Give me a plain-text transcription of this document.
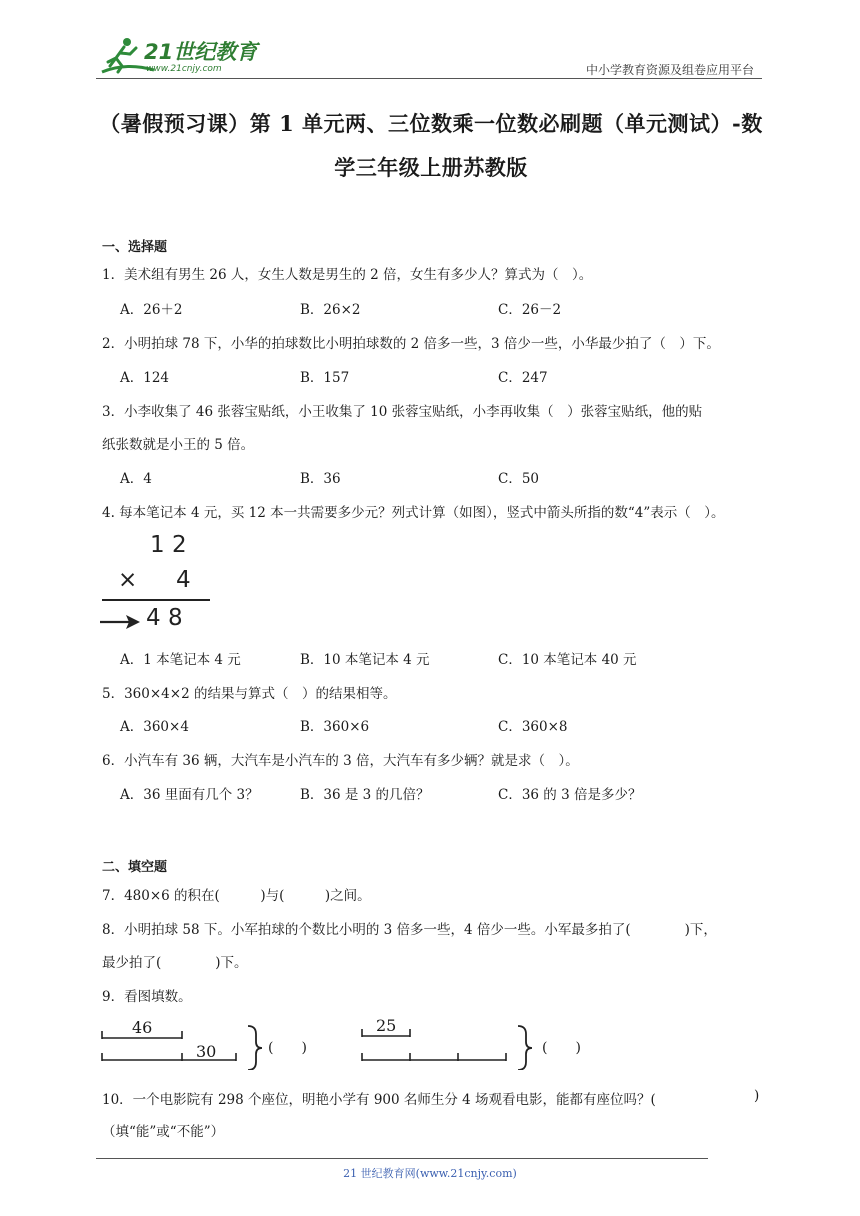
21世纪教育
www.21cnjy.com	中小学教育资源及组卷应用平台
（暑假预习课）第 1 单元两、三位数乘一位数必刷题（单元测试）-数
学三年级上册苏教版
一、选择题
1．美术组有男生 26 人，女生人数是男生的 2 倍，女生有多少人？算式为（　）。
A．26＋2	B．26×2	C．26－2
2．小明拍球 78 下，小华的拍球数比小明拍球数的 2 倍多一些，3 倍少一些，小华最少拍了（　）下。
A．124	B．157	C．247
3．小李收集了 46 张蓉宝贴纸，小王收集了 10 张蓉宝贴纸，小李再收集（　）张蓉宝贴纸，他的贴
纸张数就是小王的 5 倍。
A．4	B．36	C．50
4. 每本笔记本 4 元，买 12 本一共需要多少元？列式计算（如图），竖式中箭头所指的数“4”表示（　）。
1 2
× 4
4 8
A．1 本笔记本 4 元	B．10 本笔记本 4 元	C．10 本笔记本 40 元
5．360×4×2 的结果与算式（　）的结果相等。
A．360×4	B．360×6	C．360×8
6．小汽车有 36 辆，大汽车是小汽车的 3 倍，大汽车有多少辆？就是求（　）。
A．36 里面有几个 3？	B．36 是 3 的几倍？	C．36 的 3 倍是多少？
二、填空题
7．480×6 的积在(　　　)与(　　　)之间。
8．小明拍球 58 下。小军拍球的个数比小明的 3 倍多一些，4 倍少一些。小军最多拍了(　　　　)下，
最少拍了(　　　　)下。
9．看图填数。
46
30	(　　)
25
(　　)
10．一个电影院有 298 个座位，明艳小学有 900 名师生分 4 场观看电影，能都有座位吗？(	)
（填“能”或“不能”）
21 世纪教育网(www.21cnjy.com)
